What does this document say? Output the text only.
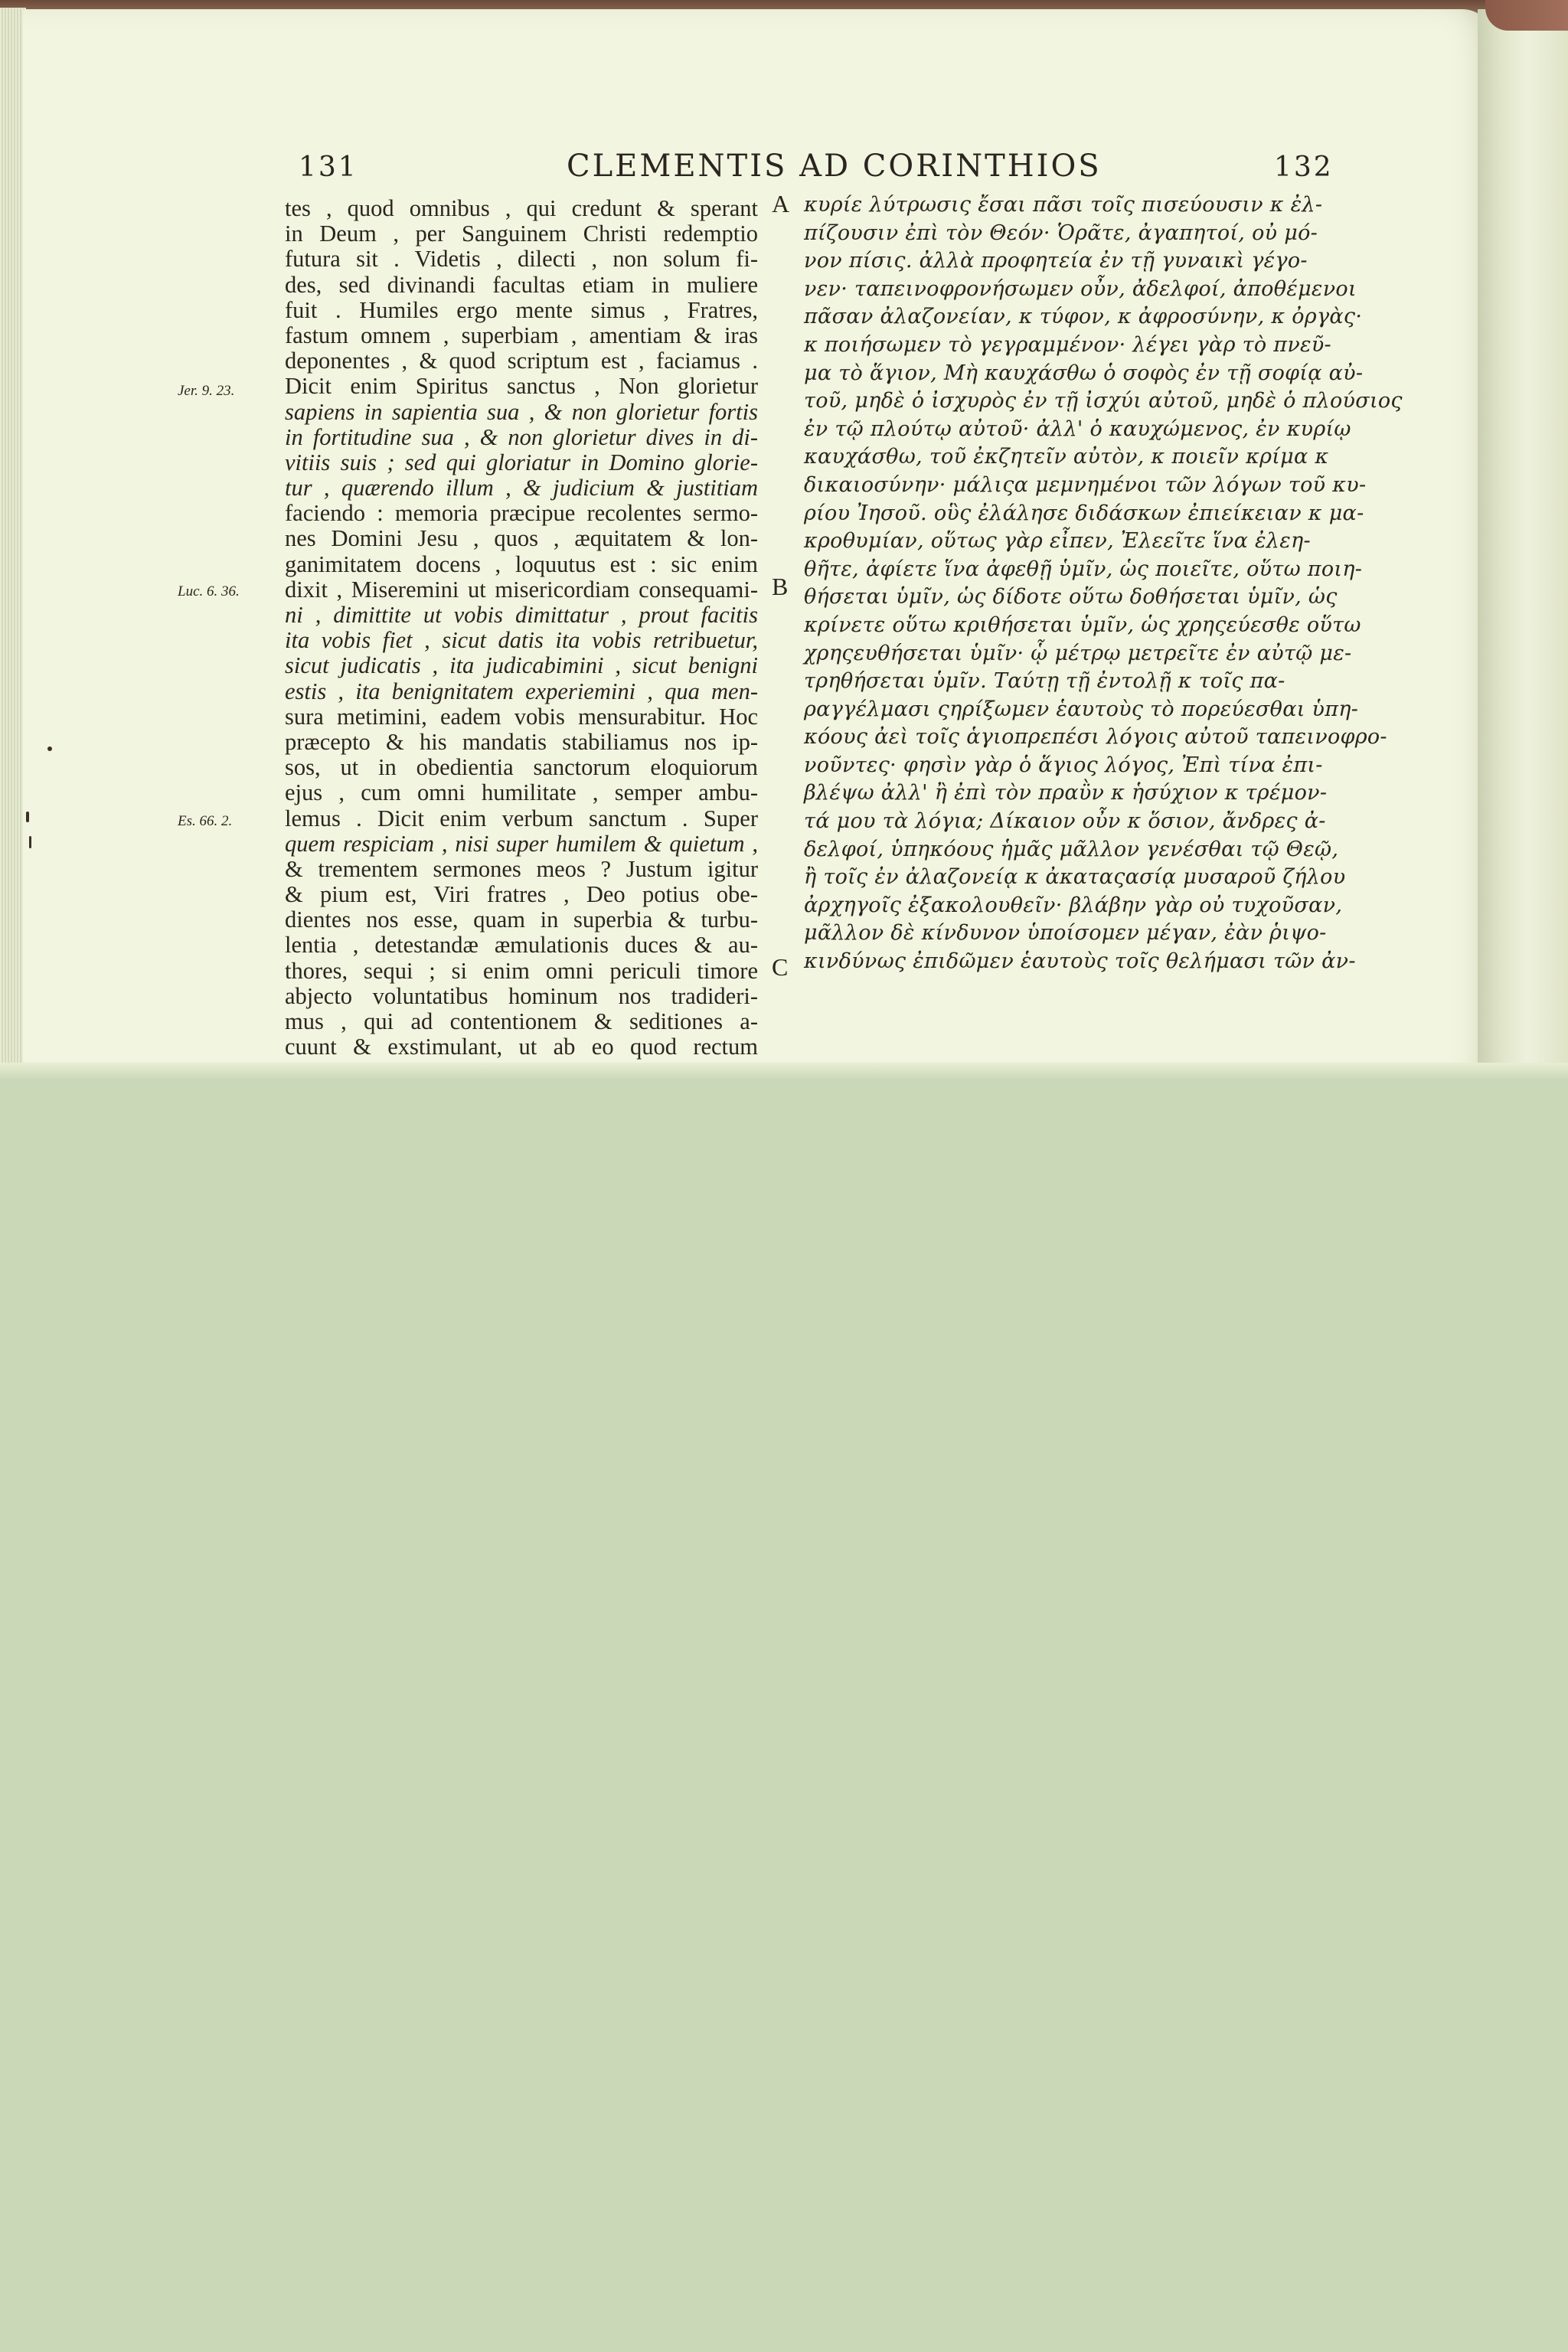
131	CLEMENTIS AD CORINTHIOS	132
Jer. 9. 23.
Luc. 6. 36.
Es. 66. 2.
A
B
C
tes , quod omnibus , qui credunt & sperant
in Deum , per Sanguinem Christi redemptio
futura sit . Videtis , dilecti , non solum fi-
des, sed divinandi facultas etiam in muliere
fuit . Humiles ergo mente simus , Fratres,
fastum omnem , superbiam , amentiam & iras
deponentes , & quod scriptum est , faciamus .
Dicit enim Spiritus sanctus , Non glorietur
sapiens in sapientia sua , & non glorietur fortis
in fortitudine sua , & non glorietur dives in di-
vitiis suis ; sed qui gloriatur in Domino glorie-
tur , quærendo illum , & judicium & justitiam
faciendo : memoria præcipue recolentes sermo-
nes Domini Jesu , quos , æquitatem & lon-
ganimitatem docens , loquutus est : sic enim
dixit , Miseremini ut misericordiam consequami-
ni , dimittite ut vobis dimittatur , prout facitis
ita vobis fiet , sicut datis ita vobis retribuetur,
sicut judicatis , ita judicabimini , sicut benigni
estis , ita benignitatem experiemini , qua men-
sura metimini, eadem vobis mensurabitur. Hoc
præcepto & his mandatis stabiliamus nos ip-
sos, ut in obedientia sanctorum eloquiorum
ejus , cum omni humilitate , semper ambu-
lemus . Dicit enim verbum sanctum . Super
quem respiciam , nisi super humilem & quietum ,
& trementem sermones meos ? Justum igitur
& pium est, Viri fratres , Deo potius obe-
dientes nos esse, quam in superbia & turbu-
lentia , detestandæ æmulationis duces & au-
thores, sequi ; si enim omni periculi timore
abjecto voluntatibus hominum nos tradideri-
mus , qui ad contentionem & seditiones a-
cuunt & exstimulant, ut ab eo quod rectum
κυρίε λύτρωσις ἔσαι πᾶσι τοῖς πισεύουσιν κ ἐλ-
πίζουσιν ἐπὶ τὸν Θεόν· Ὁρᾶτε, ἀγαπητοί, οὐ μό-
νον πίσις. ἀλλὰ προφητεία ἐν τῇ γυναικὶ γέγο-
νεν· ταπεινοφρονήσωμεν οὖν, ἀδελφοί, ἀποθέμενοι
πᾶσαν ἀλαζονείαν, κ τύφον, κ ἀφροσύνην, κ ὀργὰς·
κ ποιήσωμεν τὸ γεγραμμένον· λέγει γὰρ τὸ πνεῦ-
μα τὸ ἅγιον, Μὴ καυχάσθω ὁ σοφὸς ἐν τῇ σοφίᾳ αὐ-
τοῦ, μηδὲ ὁ ἰσχυρὸς ἐν τῇ ἰσχύι αὐτοῦ, μηδὲ ὁ πλούσιος
ἐν τῷ πλούτῳ αὐτοῦ· ἀλλ' ὁ καυχώμενος, ἐν κυρίῳ
καυχάσθω, τοῦ ἐκζητεῖν αὐτὸν, κ ποιεῖν κρίμα κ
δικαιοσύνην· μάλιςα μεμνημένοι τῶν λόγων τοῦ κυ-
ρίου Ἰησοῦ. οὓς ἐλάλησε διδάσκων ἐπιείκειαν κ μα-
κροθυμίαν, οὕτως γὰρ εἶπεν, Ἐλεεῖτε ἵνα ἐλεη-
θῆτε, ἀφίετε ἵνα ἀφεθῇ ὑμῖν, ὡς ποιεῖτε, οὕτω ποιη-
θήσεται ὑμῖν, ὡς δίδοτε οὕτω δοθήσεται ὑμῖν, ὡς
κρίνετε οὕτω κριθήσεται ὑμῖν, ὡς χρηςεύεσθε οὕτω
χρηςευθήσεται ὑμῖν· ᾧ μέτρῳ μετρεῖτε ἐν αὐτῷ με-
τρηθήσεται ὑμῖν. Ταύτῃ τῇ ἐντολῇ κ τοῖς πα-
ραγγέλμασι ςηρίξωμεν ἑαυτοὺς τὸ πορεύεσθαι ὑπη-
κόους ἀεὶ τοῖς ἁγιοπρεπέσι λόγοις αὐτοῦ ταπεινοφρο-
νοῦντες· φησὶν γὰρ ὁ ἅγιος λόγος, Ἐπὶ τίνα ἐπι-
βλέψω ἀλλ' ἢ ἐπὶ τὸν πραῢν κ ἡσύχιον κ τρέμον-
τά μου τὰ λόγια; Δίκαιον οὖν κ ὅσιον, ἄνδρες ἀ-
δελφοί, ὑπηκόους ἡμᾶς μᾶλλον γενέσθαι τῷ Θεῷ,
ἢ τοῖς ἐν ἀλαζονείᾳ κ ἀκαταςασίᾳ μυσαροῦ ζήλου
ἀρχηγοῖς ἐξακολουθεῖν· βλάβην γὰρ οὐ τυχοῦσαν,
μᾶλλον δὲ κίνδυνον ὑποίσομεν μέγαν, ἐὰν ῥιψο-
κινδύνως ἐπιδῶμεν ἑαυτοὺς τοῖς θελήμασι τῶν ἀν-
